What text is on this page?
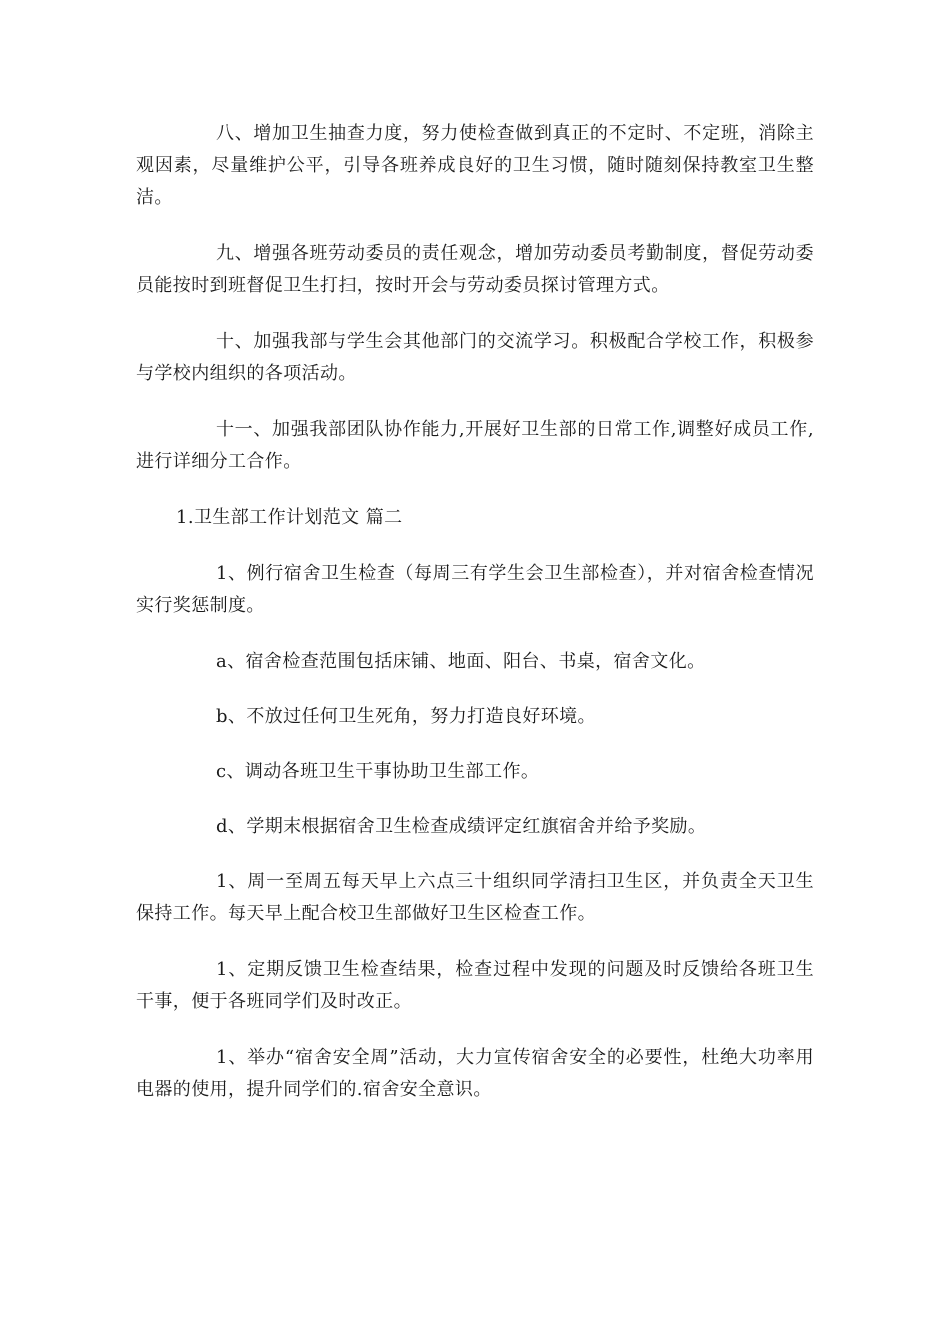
八、增加卫生抽查力度，努力使检查做到真正的不定时、不定班，消除主观因素，尽量维护公平，引导各班养成良好的卫生习惯，随时随刻保持教室卫生整洁。

九、增强各班劳动委员的责任观念，增加劳动委员考勤制度，督促劳动委员能按时到班督促卫生打扫，按时开会与劳动委员探讨管理方式。

十、加强我部与学生会其他部门的交流学习。积极配合学校工作，积极参与学校内组织的各项活动。

十一、加强我部团队协作能力,开展好卫生部的日常工作,调整好成员工作,进行详细分工合作。

1.卫生部工作计划范文 篇二

1、例行宿舍卫生检查（每周三有学生会卫生部检查），并对宿舍检查情况实行奖惩制度。

a、宿舍检查范围包括床铺、地面、阳台、书桌，宿舍文化。

b、不放过任何卫生死角，努力打造良好环境。

c、调动各班卫生干事协助卫生部工作。

d、学期末根据宿舍卫生检查成绩评定红旗宿舍并给予奖励。

1、周一至周五每天早上六点三十组织同学清扫卫生区，并负责全天卫生保持工作。每天早上配合校卫生部做好卫生区检查工作。

1、定期反馈卫生检查结果，检查过程中发现的问题及时反馈给各班卫生干事，便于各班同学们及时改正。

1、举办“宿舍安全周”活动，大力宣传宿舍安全的必要性，杜绝大功率用电器的使用，提升同学们的.宿舍安全意识。
